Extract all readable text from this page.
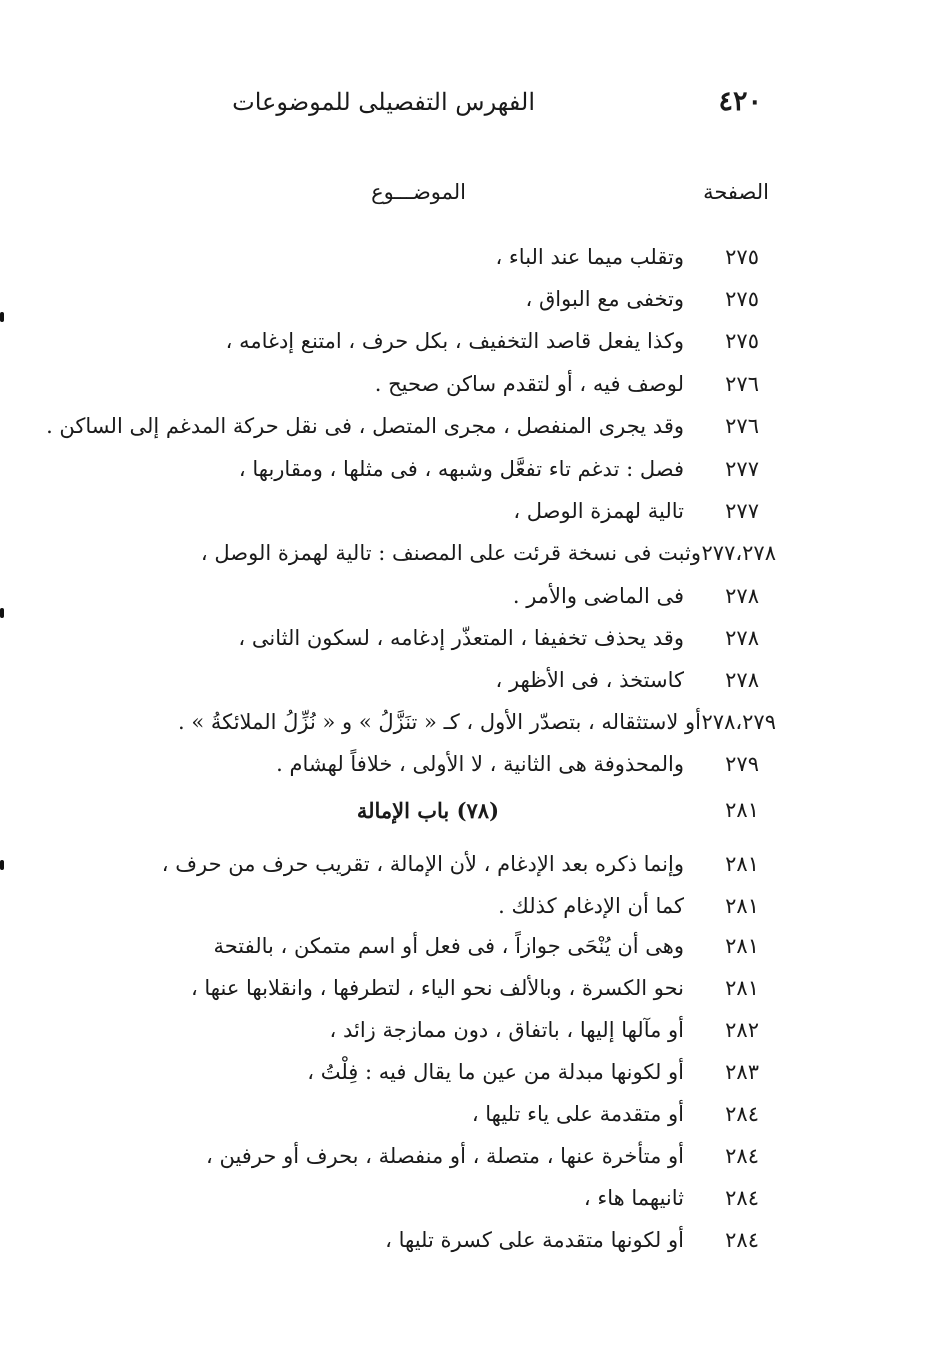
٤٢٠
الفهرس التفصيلى للموضوعات
الصفحة
الموضـــوع
٢٧٥
وتقلب ميما عند الباء ،
٢٧٥
وتخفى مع البواق ،
٢٧٥
وكذا يفعل قاصد التخفيف ، بكل حرف ، امتنع إدغامه ،
٢٧٦
لوصف فيه ، أو لتقدم ساكن صحيح .
٢٧٦
وقد يجرى المنفصل ، مجرى المتصل ، فى نقل حركة المدغم إلى الساكن .
٢٧٧
فصل : تدغم تاء تفعَّل وشبهه ، فى مثلها ، ومقاربها ،
٢٧٧
تالية لهمزة الوصل ،
٢٧٧،٢٧٨
وثبت فى نسخة قرئت على المصنف : تالية لهمزة الوصل ،
٢٧٨
فى الماضى والأمر .
٢٧٨
وقد يحذف تخفيفا ، المتعذّر إدغامه ، لسكون الثانى ،
٢٧٨
كاستخذ ، فى الأظهر ،
٢٧٨،٢٧٩
أو لاستثقاله ، بتصدّر الأول ، كـ « تنَزَّلُ » و « نُزِّلُ الملائكةُ » .
٢٧٩
والمحذوفة هى الثانية ، لا الأولى ، خلافاً لهشام .
٢٨١
(٧٨) باب الإمالة
٢٨١
وإنما ذكره بعد الإدغام ، لأن الإمالة ، تقريب حرف من حرف ،
٢٨١
كما أن الإدغام كذلك .
٢٨١
وهى أن يُنْحَى جوازاً ، فى فعل أو اسم متمكن ، بالفتحة
٢٨١
نحو الكسرة ، وبالألف نحو الياء ، لتطرفها ، وانقلابها عنها ،
٢٨٢
أو مآلها إليها ، باتفاق ، دون ممازجة زائد ،
٢٨٣
أو لكونها مبدلة من عين ما يقال فيه : فِلْتُ ،
٢٨٤
أو متقدمة على ياء تليها ،
٢٨٤
أو متأخرة عنها ، متصلة ، أو منفصلة ، بحرف أو حرفين ،
٢٨٤
ثانيهما هاء ،
٢٨٤
أو لكونها متقدمة على كسرة تليها ،
